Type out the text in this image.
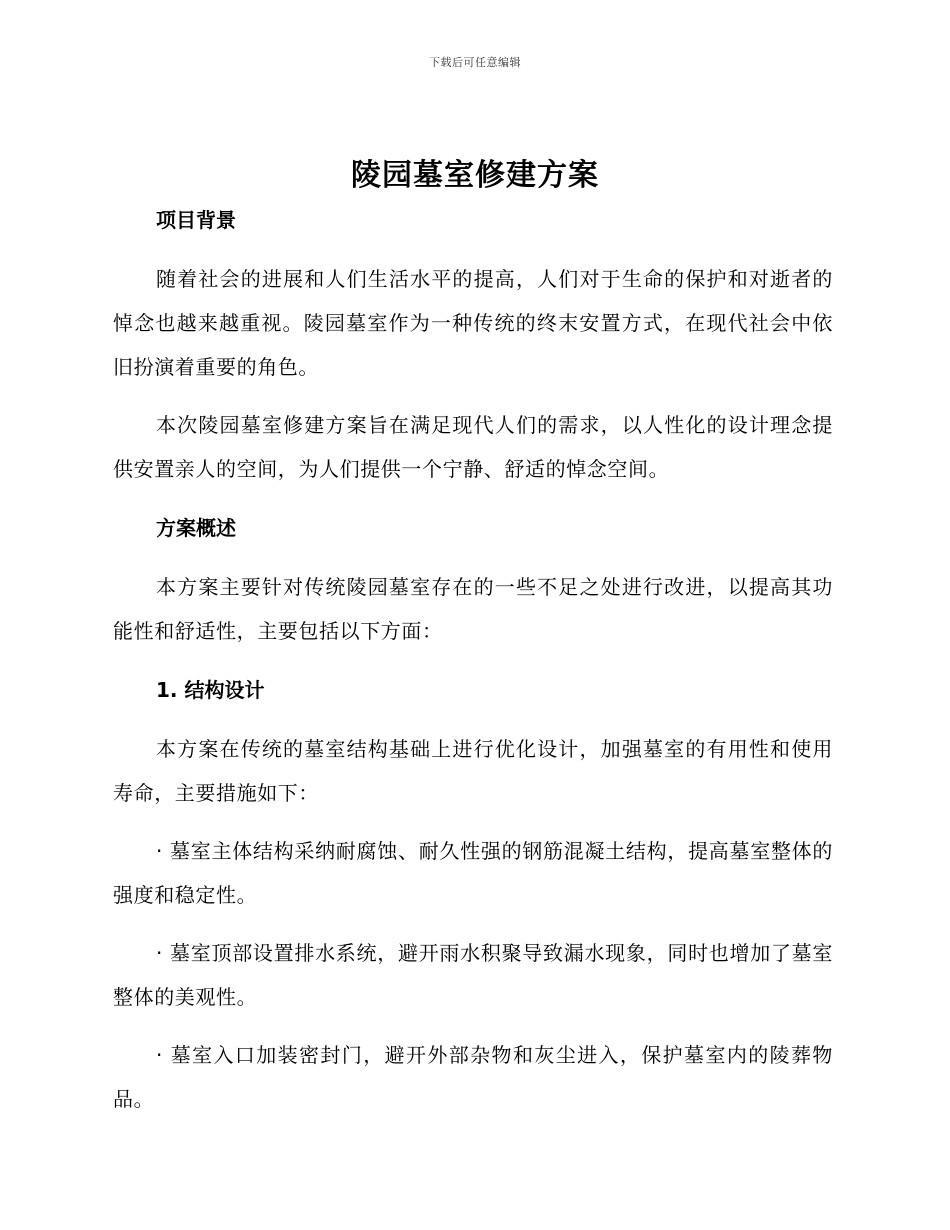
下载后可任意编辑
陵园墓室修建方案
项目背景

随着社会的进展和人们生活水平的提高，人们对于生命的保护和对逝者的悼念也越来越重视。陵园墓室作为一种传统的终末安置方式，在现代社会中依旧扮演着重要的角色。

本次陵园墓室修建方案旨在满足现代人们的需求，以人性化的设计理念提供安置亲人的空间，为人们提供一个宁静、舒适的悼念空间。

方案概述

本方案主要针对传统陵园墓室存在的一些不足之处进行改进，以提高其功能性和舒适性，主要包括以下方面：

1. 结构设计

本方案在传统的墓室结构基础上进行优化设计，加强墓室的有用性和使用寿命，主要措施如下：

· 墓室主体结构采纳耐腐蚀、耐久性强的钢筋混凝土结构，提高墓室整体的强度和稳定性。

· 墓室顶部设置排水系统，避开雨水积聚导致漏水现象，同时也增加了墓室整体的美观性。

· 墓室入口加装密封门，避开外部杂物和灰尘进入，保护墓室内的陵葬物品。
